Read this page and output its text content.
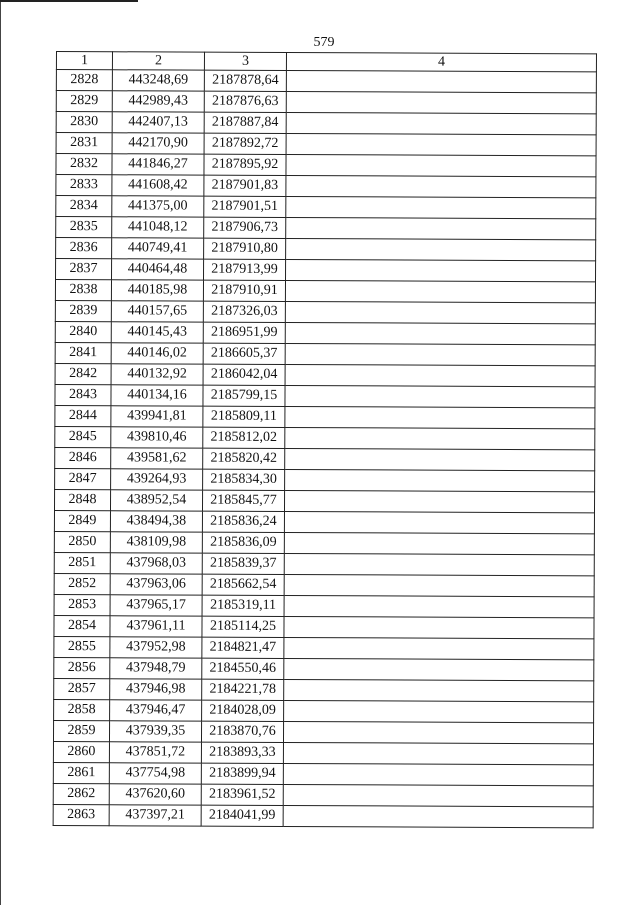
579
1	2	3	4
2828	443248,69	2187878,64	
2829	442989,43	2187876,63	
2830	442407,13	2187887,84	
2831	442170,90	2187892,72	
2832	441846,27	2187895,92	
2833	441608,42	2187901,83	
2834	441375,00	2187901,51	
2835	441048,12	2187906,73	
2836	440749,41	2187910,80	
2837	440464,48	2187913,99	
2838	440185,98	2187910,91	
2839	440157,65	2187326,03	
2840	440145,43	2186951,99	
2841	440146,02	2186605,37	
2842	440132,92	2186042,04	
2843	440134,16	2185799,15	
2844	439941,81	2185809,11	
2845	439810,46	2185812,02	
2846	439581,62	2185820,42	
2847	439264,93	2185834,30	
2848	438952,54	2185845,77	
2849	438494,38	2185836,24	
2850	438109,98	2185836,09	
2851	437968,03	2185839,37	
2852	437963,06	2185662,54	
2853	437965,17	2185319,11	
2854	437961,11	2185114,25	
2855	437952,98	2184821,47	
2856	437948,79	2184550,46	
2857	437946,98	2184221,78	
2858	437946,47	2184028,09	
2859	437939,35	2183870,76	
2860	437851,72	2183893,33	
2861	437754,98	2183899,94	
2862	437620,60	2183961,52	
2863	437397,21	2184041,99	
